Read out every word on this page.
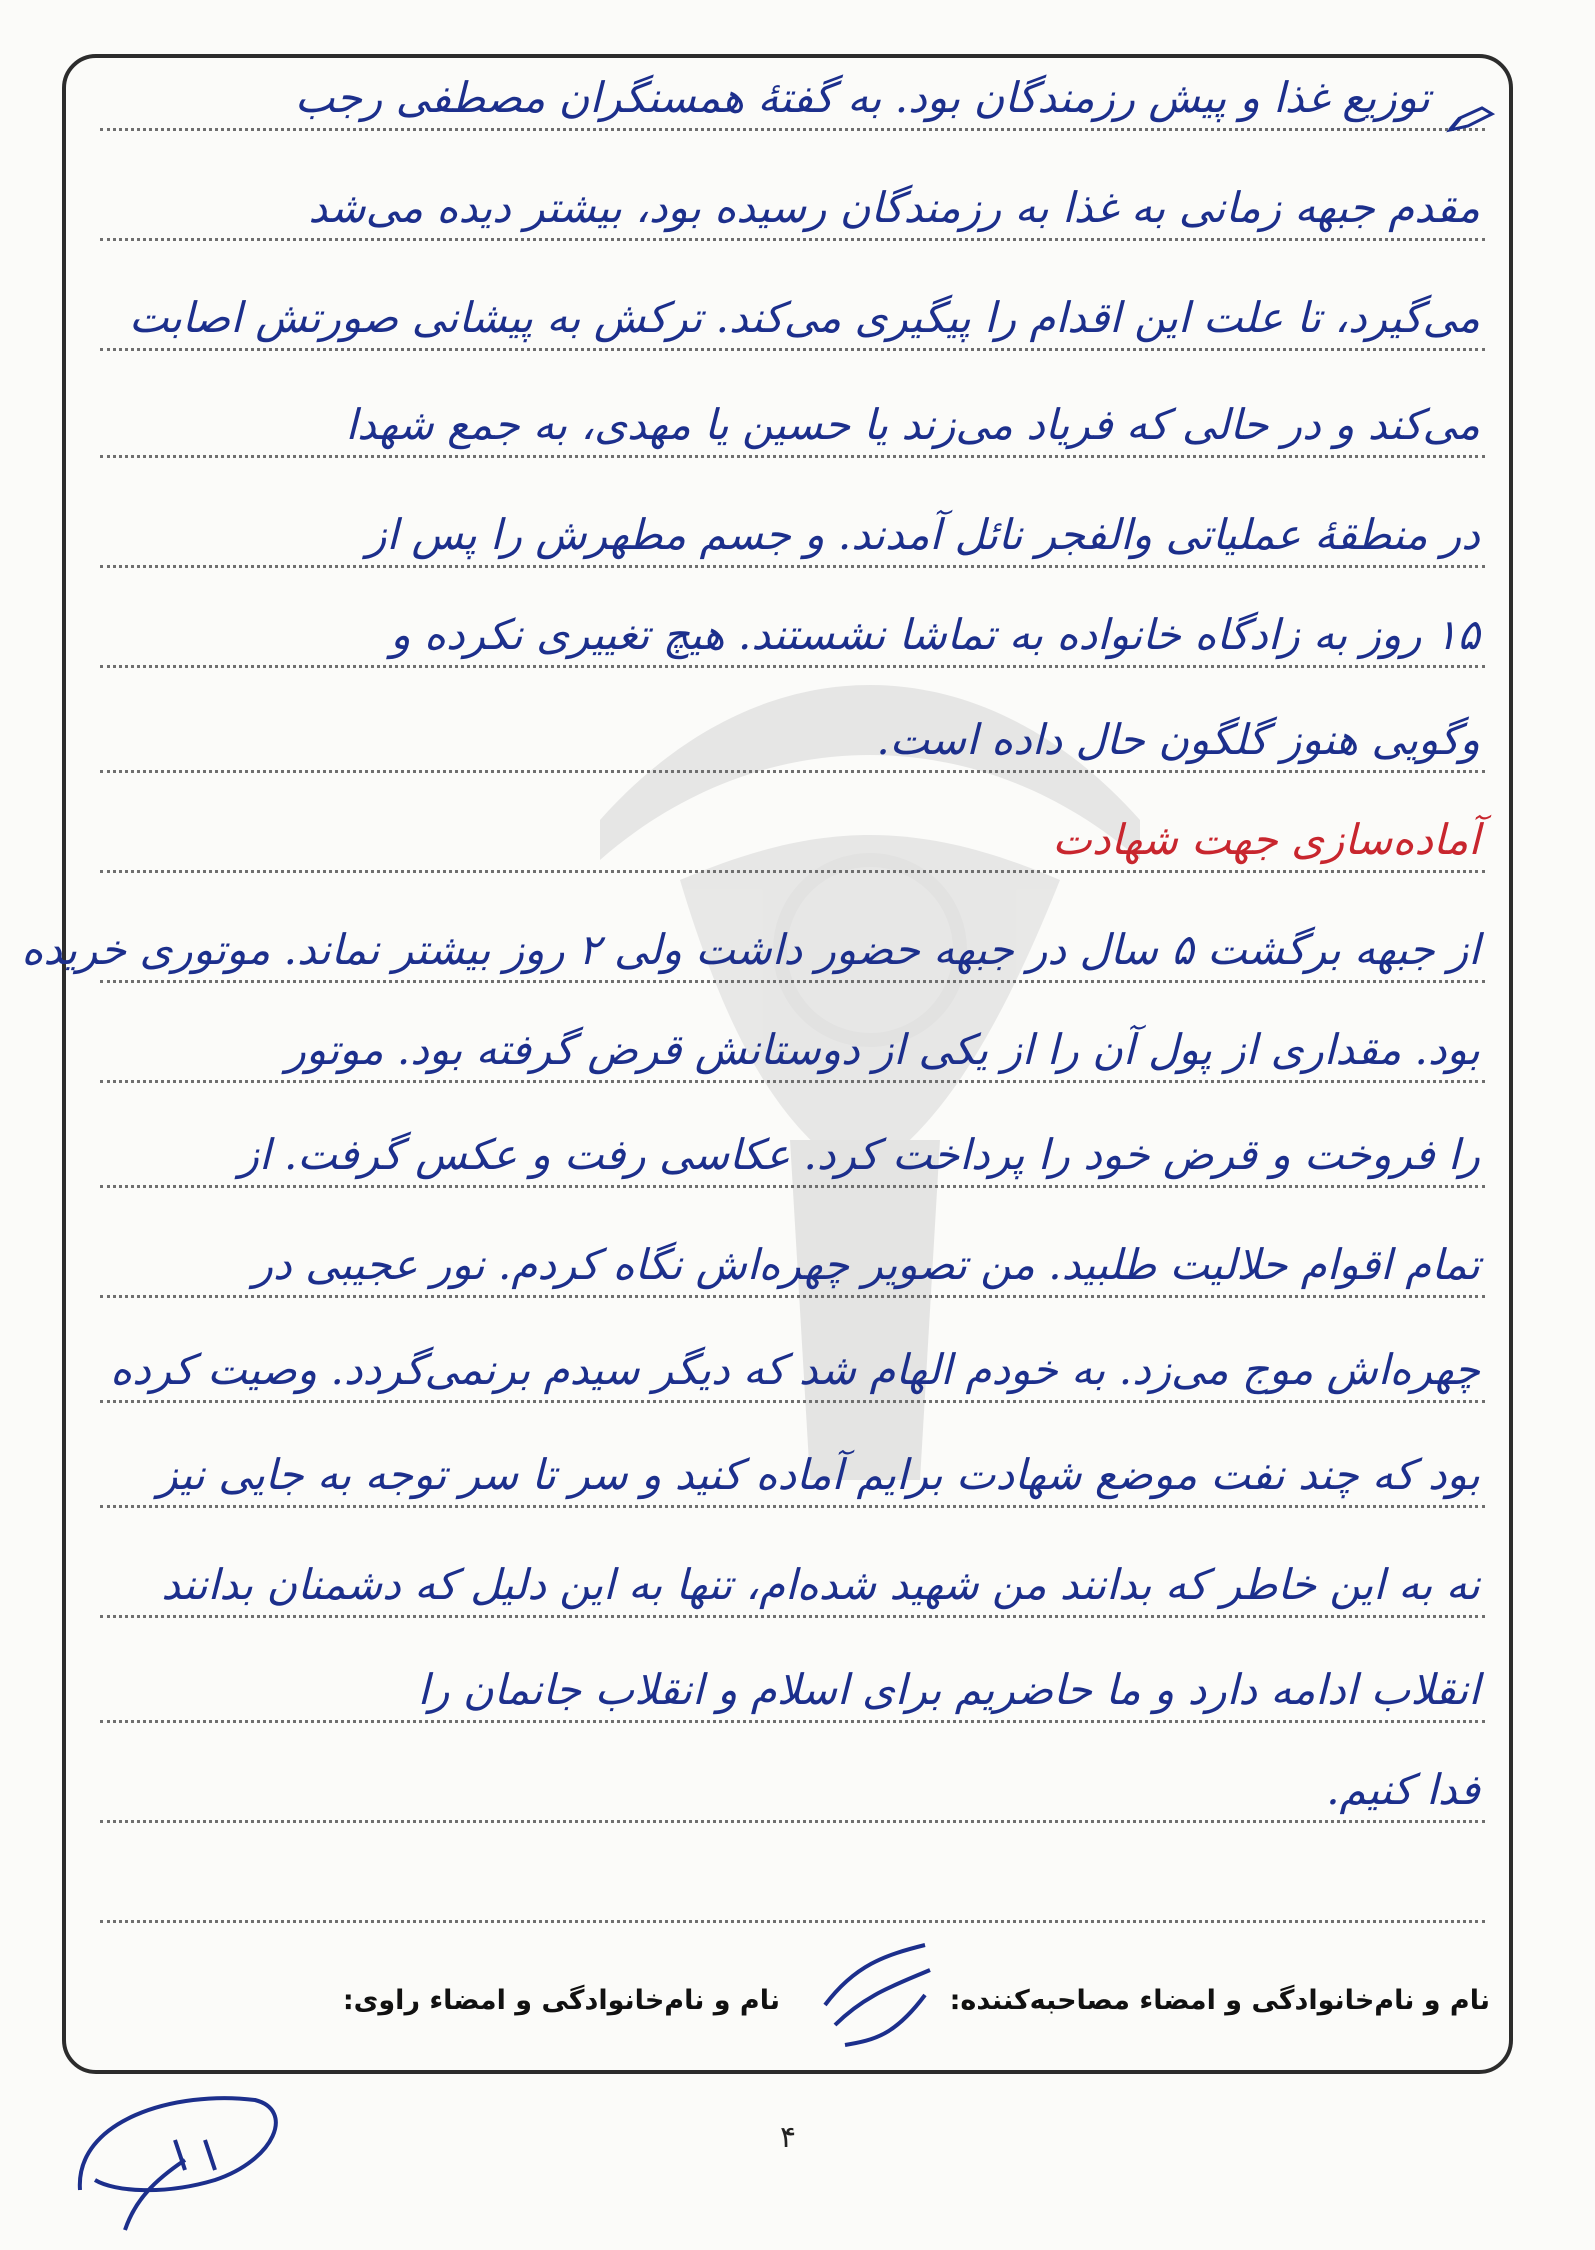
توزیع غذا و پیش رزمندگان بود. به گفتهٔ همسنگران مصطفی رجب
مقدم جبهه زمانی به غذا به رزمندگان رسیده بود، بیشتر دیده می‌شد
می‌گیرد، تا علت این اقدام را پیگیری می‌کند. ترکش به پیشانی صورتش اصابت
می‌کند و در حالی که فریاد می‌زند یا حسین یا مهدی، به جمع شهدا
در منطقهٔ عملیاتی والفجر نائل آمدند. و جسم مطهرش را پس از
۱۵ روز به زادگاه خانواده به تماشا نشستند. هیچ تغییری نکرده و
وگویی هنوز گلگون حال داده است.
آماده‌سازی جهت شهادت
از جبهه برگشت ۵ سال در جبهه حضور داشت ولی ۲ روز بیشتر نماند. موتوری خریده
بود. مقداری از پول آن را از یکی از دوستانش قرض گرفته بود. موتور
را فروخت و قرض خود را پرداخت کرد. عکاسی رفت و عکس گرفت. از
تمام اقوام حلالیت طلبید. من تصویر چهره‌اش نگاه کردم. نور عجیبی در
چهره‌اش موج می‌زد. به خودم الهام شد که دیگر سیدم برنمی‌گردد. وصیت کرده
بود که چند نفت موضع شهادت برایم آماده کنید و سر تا سر توجه به جایی نیز
نه به این خاطر که بدانند من شهید شده‌ام، تنها به این دلیل که دشمنان بدانند
انقلاب ادامه دارد و ما حاضریم برای اسلام و انقلاب جانمان را
فدا کنیم.
نام و نام‌خانوادگی و امضاء مصاحبه‌کننده:
نام و نام‌خانوادگی و امضاء راوی:
۴
